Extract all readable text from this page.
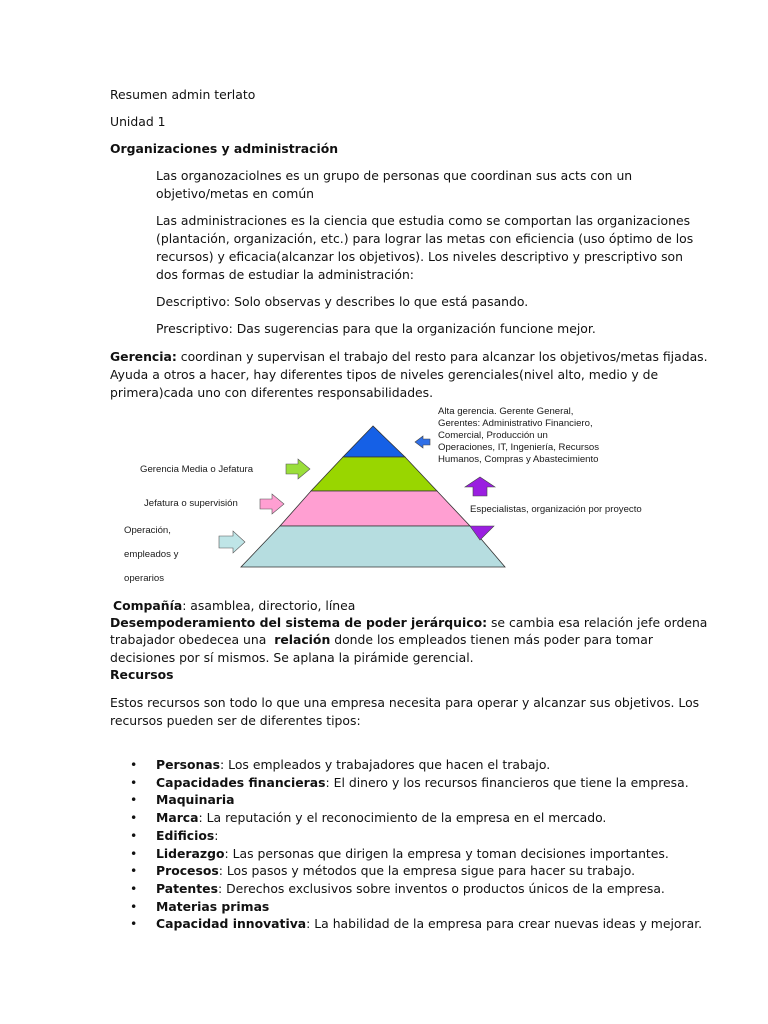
Resumen admin terlato
Unidad 1
Organizaciones y administración
Las organozaciolnes es un grupo de personas que coordinan sus acts con un
objetivo/metas en común
Las administraciones es la ciencia que estudia como se comportan las organizaciones
(plantación, organización, etc.) para lograr las metas con eficiencia (uso óptimo de los
recursos) y eficacia(alcanzar los objetivos). Los niveles descriptivo y prescriptivo son
dos formas de estudiar la administración:
Descriptivo: Solo observas y describes lo que está pasando.
Prescriptivo: Das sugerencias para que la organización funcione mejor.
Gerencia: coordinan y supervisan el trabajo del resto para alcanzar los objetivos/metas fijadas.
Ayuda a otros a hacer, hay diferentes tipos de niveles gerenciales(nivel alto, medio y de
primera)cada uno con diferentes responsabilidades.
Alta gerencia. Gerente General,
Gerentes: Administrativo Financiero,
Comercial, Producción un
Operaciones, IT, Ingeniería, Recursos
Humanos, Compras y Abastecimiento
Gerencia Media o Jefatura
Jefatura o supervisión
Operación,
empleados y
operarios
Especialistas, organización por proyecto
Compañía: asamblea, directorio, línea
Desempoderamiento del sistema de poder jerárquico: se cambia esa relación jefe ordena
trabajador obedecea una  relación donde los empleados tienen más poder para tomar
decisiones por sí mismos. Se aplana la pirámide gerencial.
Recursos
Estos recursos son todo lo que una empresa necesita para operar y alcanzar sus objetivos. Los
recursos pueden ser de diferentes tipos:
• Personas: Los empleados y trabajadores que hacen el trabajo.
• Capacidades financieras: El dinero y los recursos financieros que tiene la empresa.
• Maquinaria
• Marca: La reputación y el reconocimiento de la empresa en el mercado.
• Edificios:
• Liderazgo: Las personas que dirigen la empresa y toman decisiones importantes.
• Procesos: Los pasos y métodos que la empresa sigue para hacer su trabajo.
• Patentes: Derechos exclusivos sobre inventos o productos únicos de la empresa.
• Materias primas
• Capacidad innovativa: La habilidad de la empresa para crear nuevas ideas y mejorar.
